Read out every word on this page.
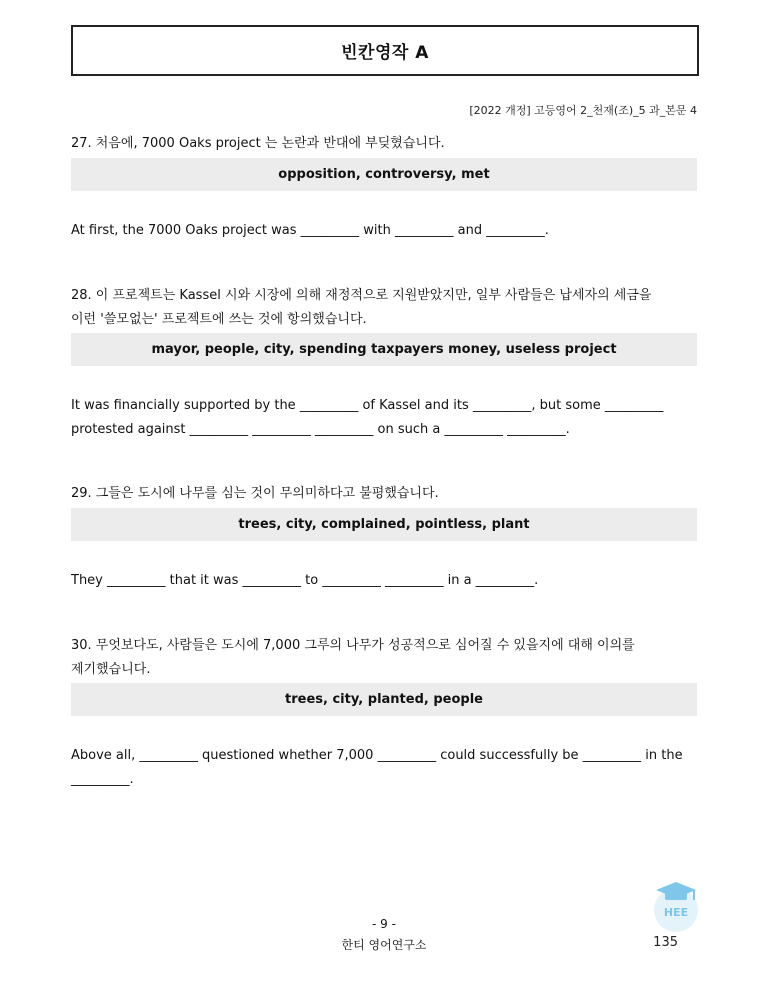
빈칸영작 A
[2022 개정] 고등영어 2_천재(조)_5 과_본문 4
27. 처음에, 7000 Oaks project 는 논란과 반대에 부딪혔습니다.
opposition, controversy, met
At first, the 7000 Oaks project was _________ with _________ and _________.
28. 이 프로젝트는 Kassel 시와 시장에 의해 재정적으로 지원받았지만, 일부 사람들은 납세자의 세금을
이런 '쓸모없는' 프로젝트에 쓰는 것에 항의했습니다.
mayor, people, city, spending taxpayers money, useless project
It was financially supported by the _________ of Kassel and its _________, but some _________
protested against _________ _________ _________ on such a _________ _________.
29. 그들은 도시에 나무를 심는 것이 무의미하다고 불평했습니다.
trees, city, complained, pointless, plant
They _________ that it was _________ to _________ _________ in a _________.
30. 무엇보다도, 사람들은 도시에 7,000 그루의 나무가 성공적으로 심어질 수 있을지에 대해 이의를
제기했습니다.
trees, city, planted, people
Above all, _________ questioned whether 7,000 _________ could successfully be _________ in the
_________.
- 9 -
한티 영어연구소	135
HEE
